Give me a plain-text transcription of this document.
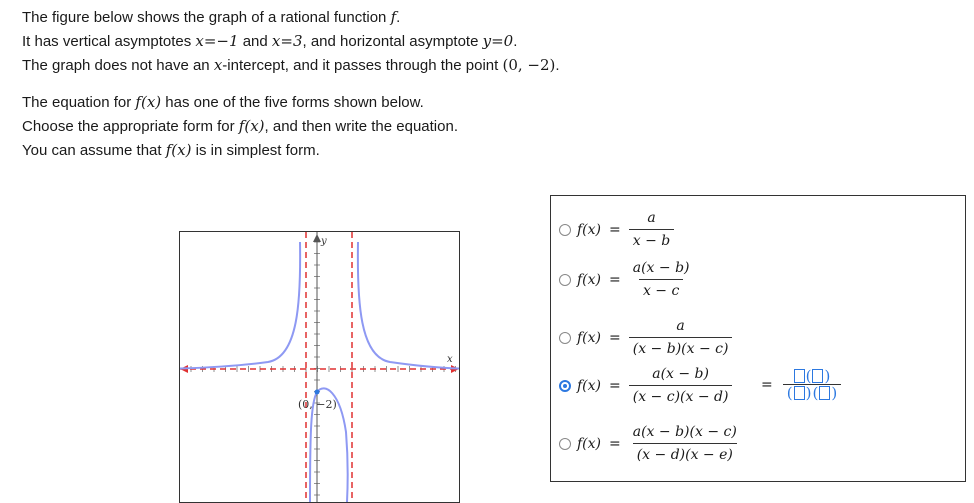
The figure below shows the graph of a rational function f.
It has vertical asymptotes x=−1 and x=3, and horizontal asymptote y=0.
The graph does not have an x-intercept, and it passes through the point (0, −2).
The equation for f(x) has one of the five forms shown below.
Choose the appropriate form for f(x), and then write the equation.
You can assume that f(x) is in simplest form.
y
x
(0, −2)
$f(x) = \frac{a}{x - b}$
$f(x) = \frac{a(x - b)}{x - c}$
$f(x) = \frac{a}{(x - b)(x - c)}$
$f(x) = \frac{a(x - b)}{(x - c)(x - d)}$
$f(x) = \frac{a(x - b)(x - c)}{(x - d)(x - e)}$
= $\frac{( )}{( ) ( )}$
